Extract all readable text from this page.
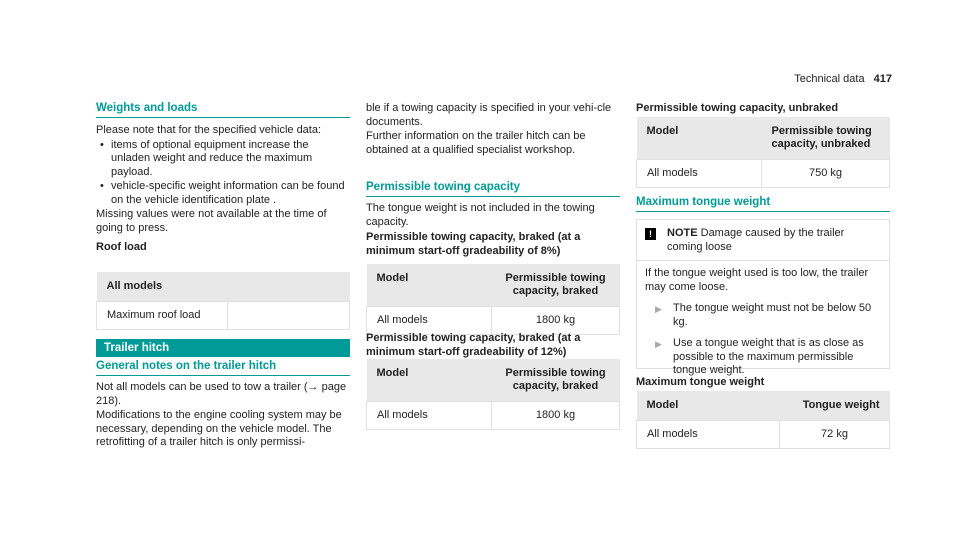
Technical data 417
Weights and loads

Please note that for the specified vehicle data:

• items of optional equipment increase the unladen weight and reduce the maximum payload.

• vehicle-specific weight information can be found on the vehicle identification plate .

Missing values were not available at the time of going to press.

Roof load

All models
Maximum roof load	
Trailer hitch
General notes on the trailer hitch

Not all models can be used to tow a trailer (→ page 218).

Modifications to the engine cooling system may be necessary, depending on the vehicle model. The retrofitting of a trailer hitch is only permissi-

ble if a towing capacity is specified in your vehi-cle documents.

Further information on the trailer hitch can be obtained at a qualified specialist workshop.

Permissible towing capacity

The tongue weight is not included in the towing capacity.

Permissible towing capacity, braked (at a minimum start-off gradeability of 8%)

Model	Permissible towing capacity, braked
All models	1800 kg

Permissible towing capacity, braked (at a minimum start-off gradeability of 12%)

Model	Permissible towing capacity, braked
All models	1800 kg

Permissible towing capacity, unbraked

Model	Permissible towing capacity, unbraked
All models	750 kg
Maximum tongue weight
!	NOTE Damage caused by the trailer coming loose

If the tongue weight used is too low, the trailer may come loose.

▶ The tongue weight must not be below 50 kg.

▶ Use a tongue weight that is as close as possible to the maximum permissible tongue weight.

Maximum tongue weight

Model	Tongue weight
All models	72 kg
